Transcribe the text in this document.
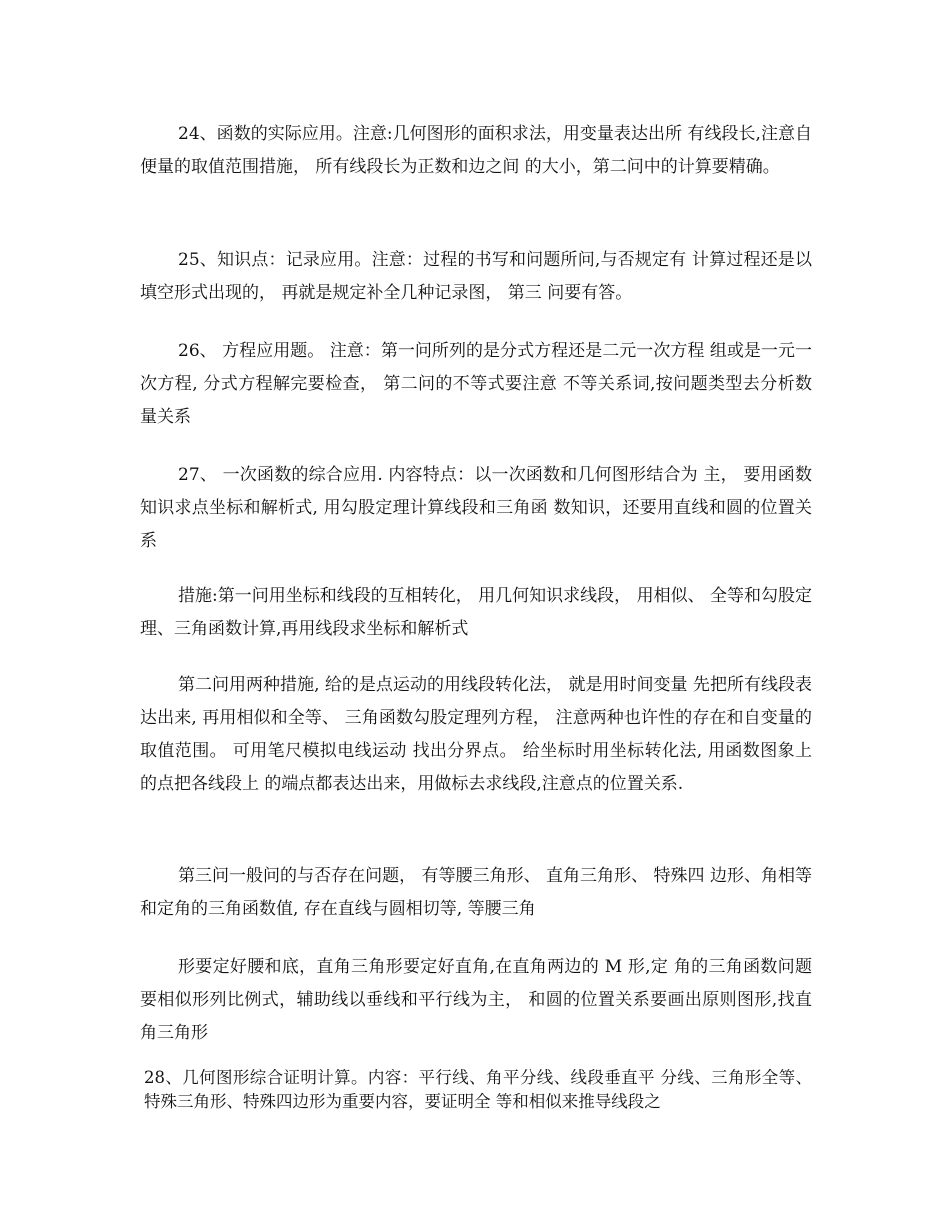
24、函数的实际应用。注意:几何图形的面积求法，用变量表达出所 有线段长,注意自便量的取值范围措施， 所有线段长为正数和边之间 的大小，第二问中的计算要精确。

25、知识点：记录应用。注意：过程的书写和问题所问,与否规定有 计算过程还是以填空形式出现的， 再就是规定补全几种记录图， 第三 问要有答。

26、 方程应用题。 注意：第一问所列的是分式方程还是二元一次方程 组或是一元一次方程, 分式方程解完要检查， 第二问的不等式要注意 不等关系词,按问题类型去分析数量关系

27、 一次函数的综合应用. 内容特点：以一次函数和几何图形结合为 主， 要用函数知识求点坐标和解析式, 用勾股定理计算线段和三角函 数知识，还要用直线和圆的位置关系

措施:第一问用坐标和线段的互相转化， 用几何知识求线段， 用相似、 全等和勾股定理、三角函数计算,再用线段求坐标和解析式

第二问用两种措施, 给的是点运动的用线段转化法， 就是用时间变量 先把所有线段表达出来, 再用相似和全等、 三角函数勾股定理列方程， 注意两种也许性的存在和自变量的取值范围。 可用笔尺模拟电线运动 找出分界点。 给坐标时用坐标转化法, 用函数图象上的点把各线段上 的端点都表达出来，用做标去求线段,注意点的位置关系.

第三问一般问的与否存在问题， 有等腰三角形、 直角三角形、 特殊四 边形、角相等和定角的三角函数值, 存在直线与圆相切等, 等腰三角

形要定好腰和底，直角三角形要定好直角,在直角两边的 M 形,定 角的三角函数问题要相似形列比例式，辅助线以垂线和平行线为主， 和圆的位置关系要画出原则图形,找直角三角形

28、几何图形综合证明计算。内容：平行线、角平分线、线段垂直平 分线、三角形全等、特殊三角形、特殊四边形为重要内容，要证明全 等和相似来推导线段之
